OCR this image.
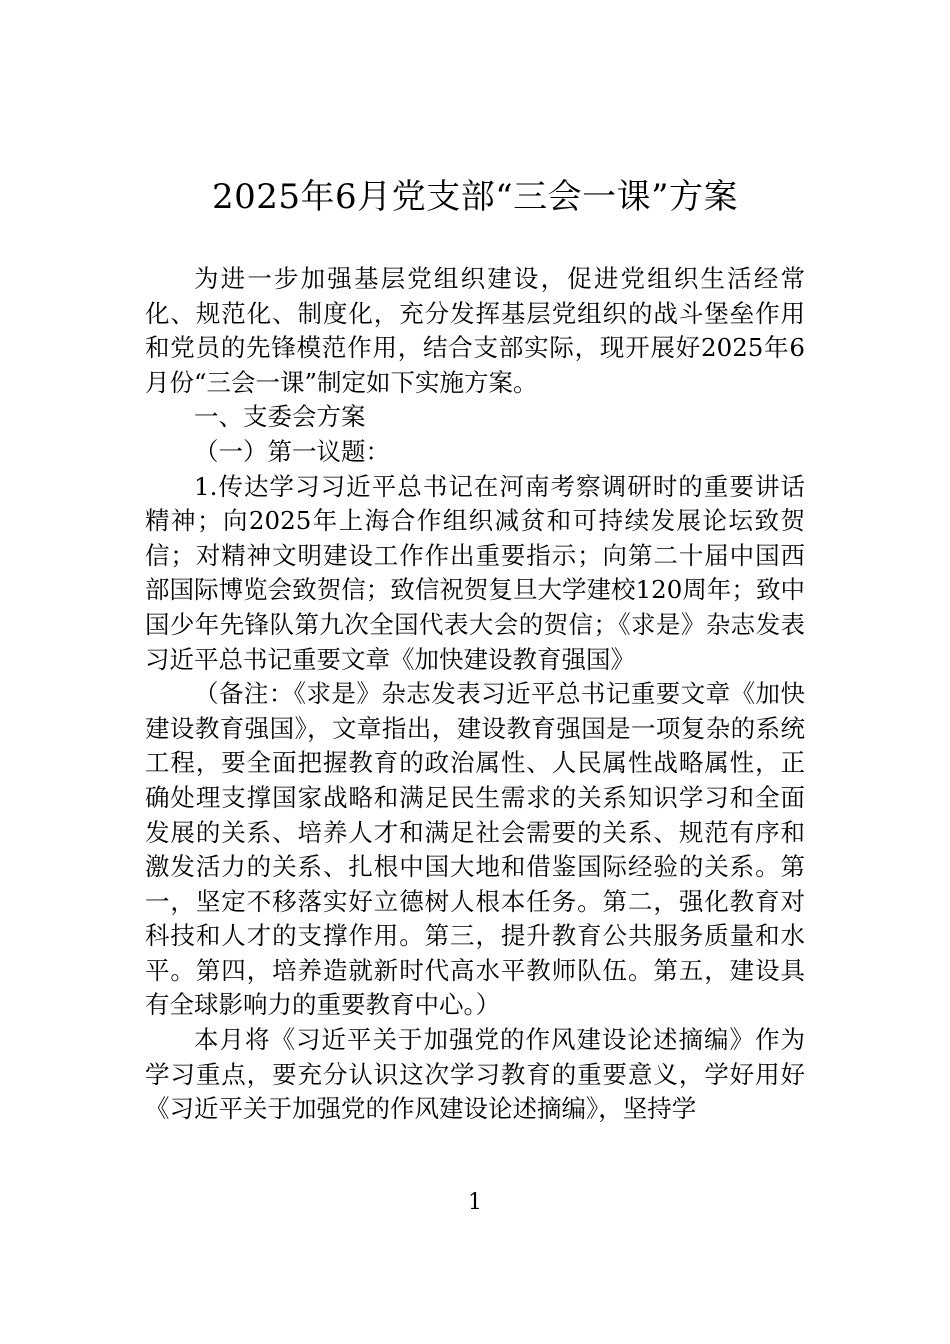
2025年6月党支部“三会一课”方案

为进一步加强基层党组织建设，促进党组织生活经常化、规范化、制度化，充分发挥基层党组织的战斗堡垒作用和党员的先锋模范作用，结合支部实际，现开展好2025年6月份“三会一课”制定如下实施方案。

一、支委会方案

（一）第一议题：

1.传达学习习近平总书记在河南考察调研时的重要讲话精神；向2025年上海合作组织减贫和可持续发展论坛致贺信；对精神文明建设工作作出重要指示；向第二十届中国西部国际博览会致贺信；致信祝贺复旦大学建校120周年；致中国少年先锋队第九次全国代表大会的贺信；《求是》杂志发表习近平总书记重要文章《加快建设教育强国》

（备注：《求是》杂志发表习近平总书记重要文章《加快建设教育强国》，文章指出，建设教育强国是一项复杂的系统工程，要全面把握教育的政治属性、人民属性战略属性，正确处理支撑国家战略和满足民生需求的关系知识学习和全面发展的关系、培养人才和满足社会需要的关系、规范有序和激发活力的关系、扎根中国大地和借鉴国际经验的关系。第一，坚定不移落实好立德树人根本任务。第二，强化教育对科技和人才的支撑作用。第三，提升教育公共服务质量和水平。第四，培养造就新时代高水平教师队伍。第五，建设具有全球影响力的重要教育中心。）

本月将《习近平关于加强党的作风建设论述摘编》作为学习重点，要充分认识这次学习教育的重要意义，学好用好《习近平关于加强党的作风建设论述摘编》，坚持学

1
